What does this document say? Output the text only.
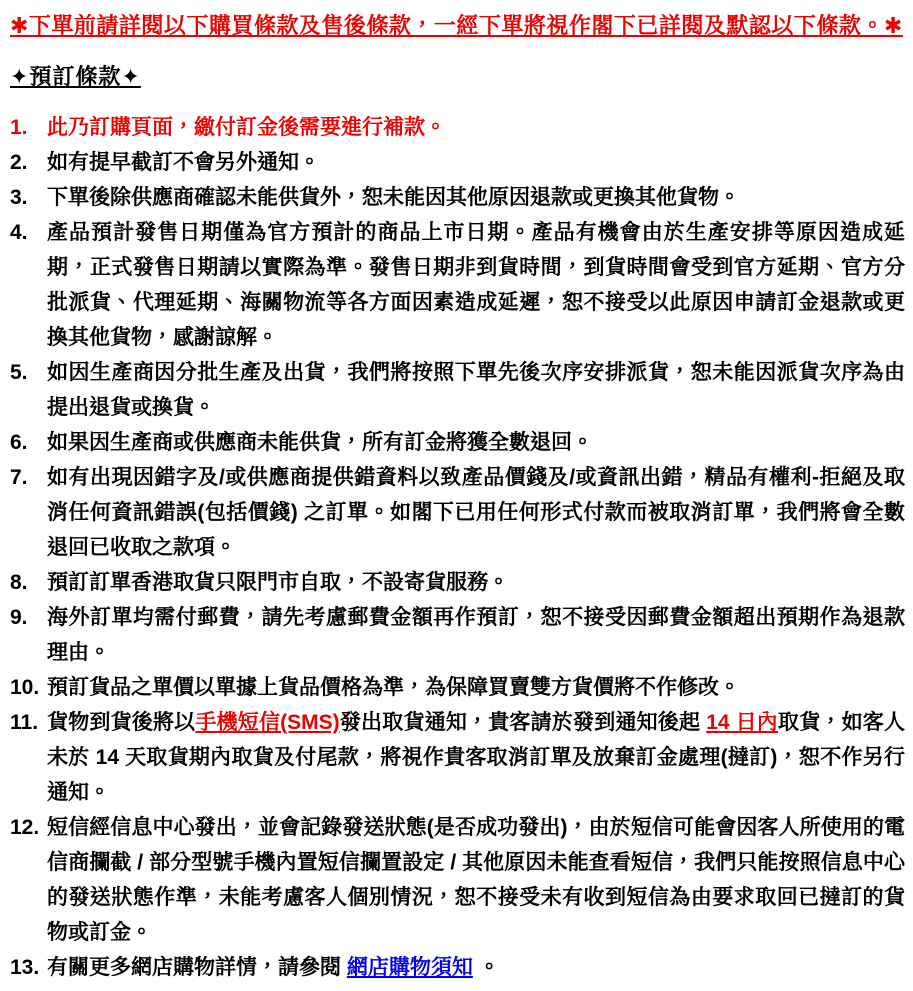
✱下單前請詳閱以下購買條款及售後條款，一經下單將視作閣下已詳閱及默認以下條款。✱
✦預訂條款✦
1. 此乃訂購頁面，繳付訂金後需要進行補款。
2. 如有提早截訂不會另外通知。
3. 下單後除供應商確認未能供貨外，恕未能因其他原因退款或更換其他貨物。
4. 產品預計發售日期僅為官方預計的商品上市日期。產品有機會由於生產安排等原因造成延期，正式發售日期請以實際為準。發售日期非到貨時間，到貨時間會受到官方延期、官方分批派貨、代理延期、海關物流等各方面因素造成延遲，恕不接受以此原因申請訂金退款或更換其他貨物，感謝諒解。
5. 如因生產商因分批生產及出貨，我們將按照下單先後次序安排派貨，恕未能因派貨次序為由提出退貨或換貨。
6. 如果因生產商或供應商未能供貨，所有訂金將獲全數退回。
7. 如有出現因錯字及/或供應商提供錯資料以致產品價錢及/或資訊出錯，精品有權利-拒絕及取消任何資訊錯誤(包括價錢) 之訂單。如閣下已用任何形式付款而被取消訂單，我們將會全數退回已收取之款項。
8. 預訂訂單香港取貨只限門市自取，不設寄貨服務。
9. 海外訂單均需付郵費，請先考慮郵費金額再作預訂，恕不接受因郵費金額超出預期作為退款理由。
10. 預訂貨品之單價以單據上貨品價格為準，為保障買賣雙方貨價將不作修改。
11. 貨物到貨後將以手機短信(SMS)發出取貨通知，貴客請於發到通知後起 14 日內取貨，如客人未於 14 天取貨期內取貨及付尾款，將視作貴客取消訂單及放棄訂金處理(撻訂)，恕不作另行通知。
12. 短信經信息中心發出，並會記錄發送狀態(是否成功發出)，由於短信可能會因客人所使用的電信商攔截 / 部分型號手機內置短信攔置設定 / 其他原因未能查看短信，我們只能按照信息中心的發送狀態作準，未能考慮客人個別情況，恕不接受未有收到短信為由要求取回已撻訂的貨物或訂金。
13. 有關更多網店購物詳情，請參閱 網店購物須知 。
